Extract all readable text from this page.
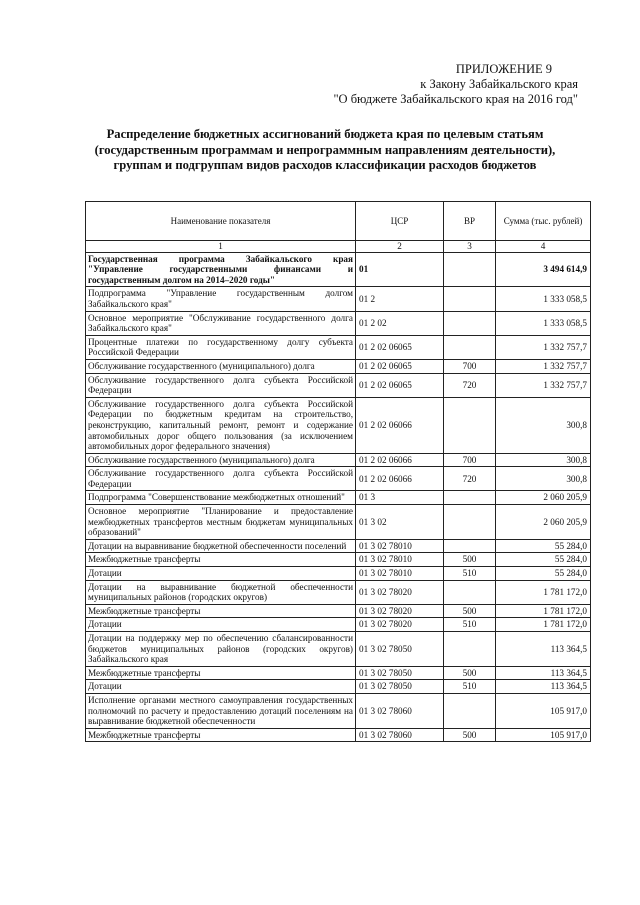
ПРИЛОЖЕНИЕ 9
к Закону Забайкальского края
"О бюджете Забайкальского края на 2016 год"
Распределение бюджетных ассигнований бюджета края по целевым статьям (государственным программам и непрограммным направлениям деятельности), группам и подгруппам видов расходов классификации расходов бюджетов
Наименование показателя	ЦСР	ВР	Сумма (тыс. рублей)
1	2	3	4
Государственная программа Забайкальского края "Управление государственными финансами и государственным долгом на 2014–2020 годы"	01		3 494 614,9
Подпрограмма "Управление государственным долгом Забайкальского края"	01 2		1 333 058,5
Основное мероприятие "Обслуживание государственного долга Забайкальского края"	01 2 02		1 333 058,5
Процентные платежи по государственному долгу субъекта Российской Федерации	01 2 02 06065		1 332 757,7
Обслуживание государственного (муниципального) долга	01 2 02 06065	700	1 332 757,7
Обслуживание государственного долга субъекта Российской Федерации	01 2 02 06065	720	1 332 757,7
Обслуживание государственного долга субъекта Российской Федерации по бюджетным кредитам на строительство, реконструкцию, капитальный ремонт, ремонт и содержание автомобильных дорог общего пользования (за исключением автомобильных дорог федерального значения)	01 2 02 06066		300,8
Обслуживание государственного (муниципального) долга	01 2 02 06066	700	300,8
Обслуживание государственного долга субъекта Российской Федерации	01 2 02 06066	720	300,8
Подпрограмма "Совершенствование межбюджетных отношений"	01 3		2 060 205,9
Основное мероприятие "Планирование и предоставление межбюджетных трансфертов местным бюджетам муниципальных образований"	01 3 02		2 060 205,9
Дотации на выравнивание бюджетной обеспеченности поселений	01 3 02 78010		55 284,0
Межбюджетные трансферты	01 3 02 78010	500	55 284,0
Дотации	01 3 02 78010	510	55 284,0
Дотации на выравнивание бюджетной обеспеченности муниципальных районов (городских округов)	01 3 02 78020		1 781 172,0
Межбюджетные трансферты	01 3 02 78020	500	1 781 172,0
Дотации	01 3 02 78020	510	1 781 172,0
Дотации на поддержку мер по обеспечению сбалансированности бюджетов муниципальных районов (городских округов) Забайкальского края	01 3 02 78050		113 364,5
Межбюджетные трансферты	01 3 02 78050	500	113 364,5
Дотации	01 3 02 78050	510	113 364,5
Исполнение органами местного самоуправления государственных полномочий по расчету и предоставлению дотаций поселениям на выравнивание бюджетной обеспеченности	01 3 02 78060		105 917,0
Межбюджетные трансферты	01 3 02 78060	500	105 917,0
